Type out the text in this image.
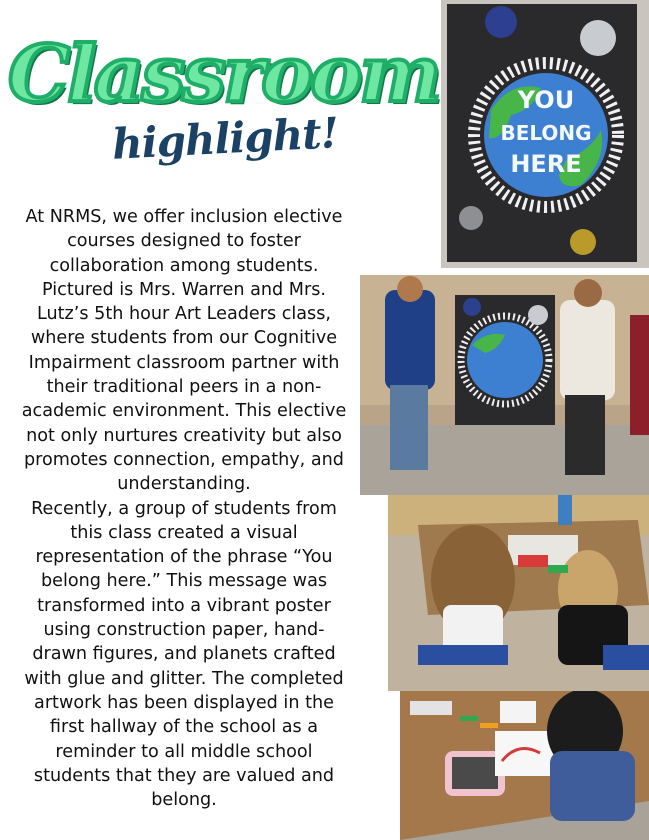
Classroom
highlight!

At NRMS, we offer inclusion elective courses designed to foster collaboration among students. Pictured is Mrs. Warren and Mrs. Lutz’s 5th hour Art Leaders class, where students from our Cognitive Impairment classroom partner with their traditional peers in a non-academic environment. This elective not only nurtures creativity but also promotes connection, empathy, and understanding.

Recently, a group of students from this class created a visual representation of the phrase “You belong here.” This message was transformed into a vibrant poster using construction paper, hand-drawn figures, and planets crafted with glue and glitter. The completed artwork has been displayed in the first hallway of the school as a reminder to all middle school students that they are valued and belong.

YOU
BELONG
HERE
